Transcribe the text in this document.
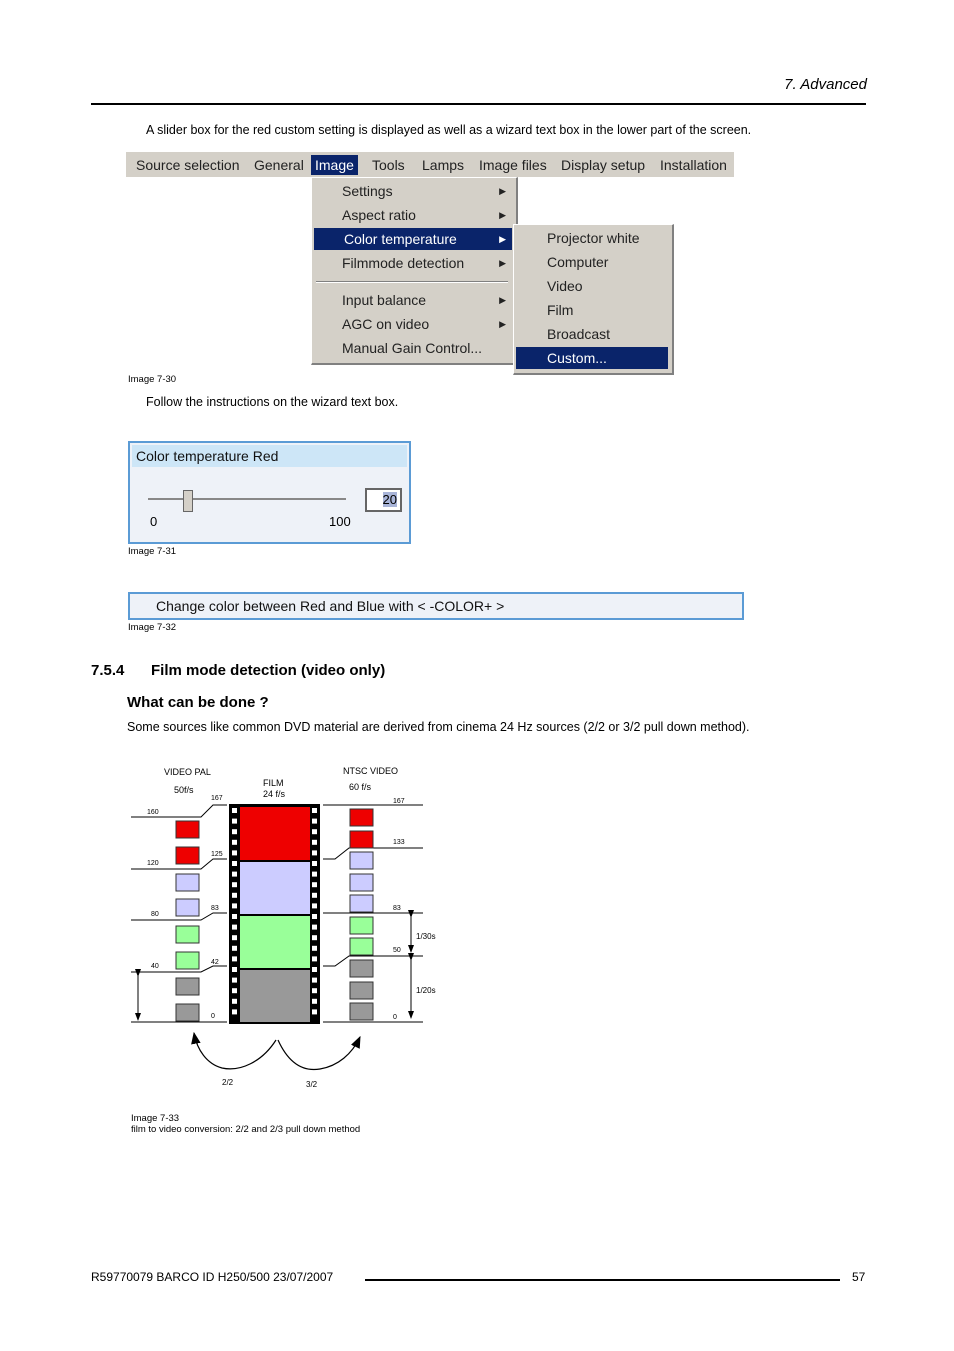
7. Advanced
A slider box for the red custom setting is displayed as well as a wizard text box in the lower part of the screen.
Source selection General Image Tools Lamps Image files Display setup Installation
Settings	▶
Aspect ratio	▶
Color temperature	▶
Filmmode detection	▶
Input balance	▶
AGC on video	▶
Manual Gain Control...
Projector white
Computer
Video
Film
Broadcast
Custom...
Image 7-30
Follow the instructions on the wizard text box.
Color temperature Red
20
0	100
Image 7-31
Change color between Red and Blue with < -COLOR+ >
Image 7-32
7.5.4 Film mode detection (video only)
What can be done ?
Some sources like common DVD material are derived from cinema 24 Hz sources (2/2 or 3/2 pull down method).
VIDEO PAL
50f/s
FILM
24 f/s
NTSC VIDEO
60 f/s
160
120
80
40
167
125
83
42
0
167
133
83
50
0
1/30s
1/20s
2/2	3/2
Image 7-33
film to video conversion: 2/2 and 2/3 pull down method
R59770079 BARCO ID H250/500 23/07/2007	57
